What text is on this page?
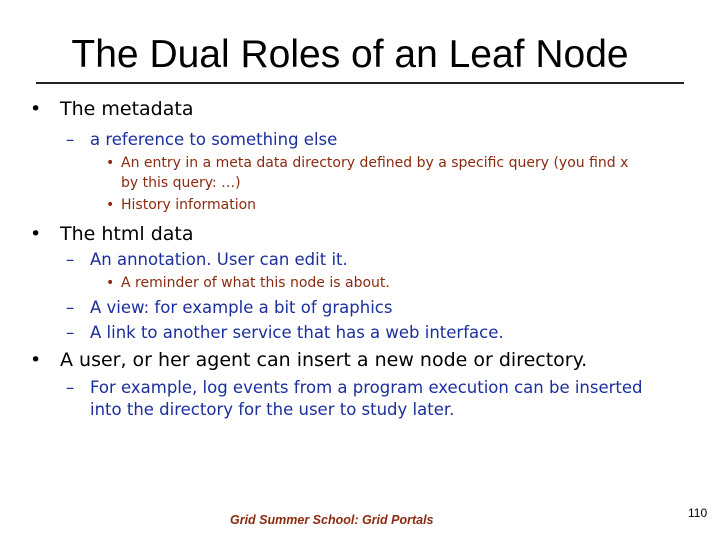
The Dual Roles of an Leaf Node
• The metadata
– a reference to something else
• An entry in a meta data directory defined by a specific query (you find x
by this query: …)
• History information
• The html data
– An annotation. User can edit it.
• A reminder of what this node is about.
– A view: for example a bit of graphics
– A link to another service that has a web interface.
• A user, or her agent can insert a new node or directory.
– For example, log events from a program execution can be inserted
into the directory for the user to study later.
Grid Summer School: Grid Portals	110
